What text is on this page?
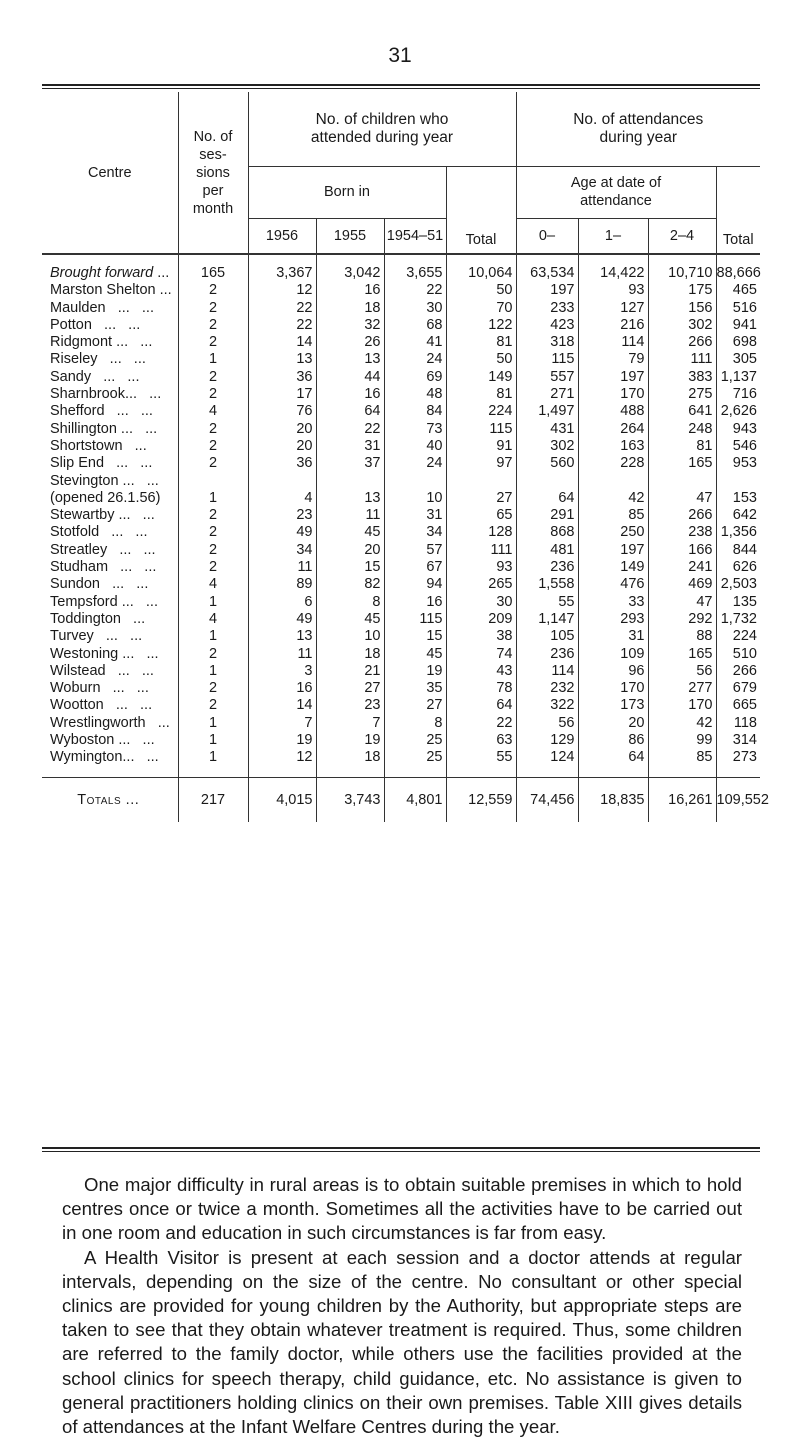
31
Centre	No. of
ses-
sions
per
month	No. of children who
attended during year				No. of attendances
during year			
		Born in			Total	Age at date of
attendance			Total
		1956	1955	1954–51		0–	1–	2–4	

Brought forward ...	165	3,367	3,042	3,655	10,064	63,534	14,422	10,710	88,666
Marston Shelton ...	2	12	16	22	50	197	93	175	465
Maulden   ...   ...	2	22	18	30	70	233	127	156	516
Potton   ...   ...	2	22	32	68	122	423	216	302	941
Ridgmont ...   ...	2	14	26	41	81	318	114	266	698
Riseley   ...   ...	1	13	13	24	50	115	79	111	305
Sandy   ...   ...	2	36	44	69	149	557	197	383	1,137
Sharnbrook...   ...	2	17	16	48	81	271	170	275	716
Shefford   ...   ...	4	76	64	84	224	1,497	488	641	2,626
Shillington ...   ...	2	20	22	73	115	431	264	248	943
Shortstown   ...	2	20	31	40	91	302	163	81	546
Slip End   ...   ...	2	36	37	24	97	560	228	165	953
Stevington ...   ...									
(opened 26.1.56)	1	4	13	10	27	64	42	47	153
Stewartby ...   ...	2	23	11	31	65	291	85	266	642
Stotfold   ...   ...	2	49	45	34	128	868	250	238	1,356
Streatley   ...   ...	2	34	20	57	111	481	197	166	844
Studham   ...   ...	2	11	15	67	93	236	149	241	626
Sundon   ...   ...	4	89	82	94	265	1,558	476	469	2,503
Tempsford ...   ...	1	6	8	16	30	55	33	47	135
Toddington   ...	4	49	45	115	209	1,147	293	292	1,732
Turvey   ...   ...	1	13	10	15	38	105	31	88	224
Westoning ...   ...	2	11	18	45	74	236	109	165	510
Wilstead   ...   ...	1	3	21	19	43	114	96	56	266
Woburn   ...   ...	2	16	27	35	78	232	170	277	679
Wootton   ...   ...	2	14	23	27	64	322	173	170	665
Wrestlingworth   ...	1	7	7	8	22	56	20	42	118
Wyboston ...   ...	1	19	19	25	63	129	86	99	314
Wymington...   ...	1	12	18	25	55	124	64	85	273

Totals ...	217	4,015	3,743	4,801	12,559	74,456	18,835	16,261	109,552

One major difficulty in rural areas is to obtain suitable premises in which to hold centres once or twice a month. Sometimes all the activities have to be carried out in one room and education in such circumstances is far from easy.

A Health Visitor is present at each session and a doctor attends at regular intervals, depending on the size of the centre. No consultant or other special clinics are provided for young children by the Authority, but appropriate steps are taken to see that they obtain whatever treatment is required. Thus, some children are referred to the family doctor, while others use the facilities provided at the school clinics for speech therapy, child guidance, etc. No assistance is given to general practitioners holding clinics on their own premises. Table XIII gives details of attendances at the Infant Welfare Centres during the year.
